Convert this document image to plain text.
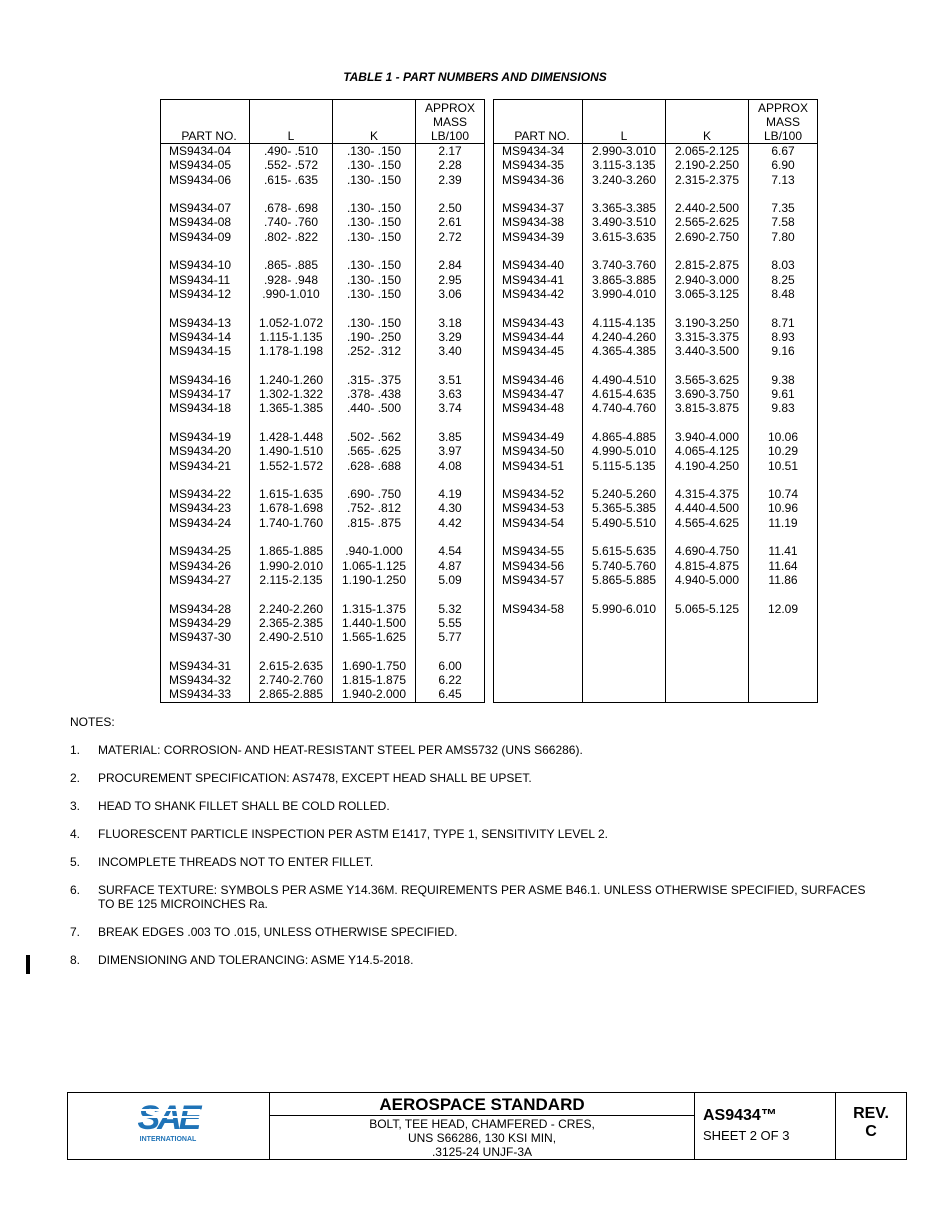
TABLE 1 - PART NUMBERS AND DIMENSIONS
PART NO.	L	K	APPROX
MASS
LB/100

MS9434-04	.490- .510	.130- .150	2.17
MS9434-05	.552- .572	.130- .150	2.28
MS9434-06	.615- .635	.130- .150	2.39

MS9434-07	.678- .698	.130- .150	2.50
MS9434-08	.740- .760	.130- .150	2.61
MS9434-09	.802- .822	.130- .150	2.72

MS9434-10	.865- .885	.130- .150	2.84
MS9434-11	.928- .948	.130- .150	2.95
MS9434-12	.990-1.010	.130- .150	3.06

MS9434-13	1.052-1.072	.130- .150	3.18
MS9434-14	1.115-1.135	.190- .250	3.29
MS9434-15	1.178-1.198	.252- .312	3.40

MS9434-16	1.240-1.260	.315- .375	3.51
MS9434-17	1.302-1.322	.378- .438	3.63
MS9434-18	1.365-1.385	.440- .500	3.74

MS9434-19	1.428-1.448	.502- .562	3.85
MS9434-20	1.490-1.510	.565- .625	3.97
MS9434-21	1.552-1.572	.628- .688	4.08

MS9434-22	1.615-1.635	.690- .750	4.19
MS9434-23	1.678-1.698	.752- .812	4.30
MS9434-24	1.740-1.760	.815- .875	4.42

MS9434-25	1.865-1.885	.940-1.000	4.54
MS9434-26	1.990-2.010	1.065-1.125	4.87
MS9434-27	2.115-2.135	1.190-1.250	5.09

MS9434-28	2.240-2.260	1.315-1.375	5.32
MS9434-29	2.365-2.385	1.440-1.500	5.55
MS9437-30	2.490-2.510	1.565-1.625	5.77

MS9434-31	2.615-2.635	1.690-1.750	6.00
MS9434-32	2.740-2.760	1.815-1.875	6.22
MS9434-33	2.865-2.885	1.940-2.000	6.45
PART NO.	L	K	APPROX
MASS
LB/100

MS9434-34	2.990-3.010	2.065-2.125	6.67
MS9434-35	3.115-3.135	2.190-2.250	6.90
MS9434-36	3.240-3.260	2.315-2.375	7.13

MS9434-37	3.365-3.385	2.440-2.500	7.35
MS9434-38	3.490-3.510	2.565-2.625	7.58
MS9434-39	3.615-3.635	2.690-2.750	7.80

MS9434-40	3.740-3.760	2.815-2.875	8.03
MS9434-41	3.865-3.885	2.940-3.000	8.25
MS9434-42	3.990-4.010	3.065-3.125	8.48

MS9434-43	4.115-4.135	3.190-3.250	8.71
MS9434-44	4.240-4.260	3.315-3.375	8.93
MS9434-45	4.365-4.385	3.440-3.500	9.16

MS9434-46	4.490-4.510	3.565-3.625	9.38
MS9434-47	4.615-4.635	3.690-3.750	9.61
MS9434-48	4.740-4.760	3.815-3.875	9.83

MS9434-49	4.865-4.885	3.940-4.000	10.06
MS9434-50	4.990-5.010	4.065-4.125	10.29
MS9434-51	5.115-5.135	4.190-4.250	10.51

MS9434-52	5.240-5.260	4.315-4.375	10.74
MS9434-53	5.365-5.385	4.440-4.500	10.96
MS9434-54	5.490-5.510	4.565-4.625	11.19

MS9434-55	5.615-5.635	4.690-4.750	11.41
MS9434-56	5.740-5.760	4.815-4.875	11.64
MS9434-57	5.865-5.885	4.940-5.000	11.86

MS9434-58	5.990-6.010	5.065-5.125	12.09

NOTES:
1.	MATERIAL: CORROSION- AND HEAT-RESISTANT STEEL PER AMS5732 (UNS S66286).
2.	PROCUREMENT SPECIFICATION: AS7478, EXCEPT HEAD SHALL BE UPSET.
3.	HEAD TO SHANK FILLET SHALL BE COLD ROLLED.
4.	FLUORESCENT PARTICLE INSPECTION PER ASTM E1417, TYPE 1, SENSITIVITY LEVEL 2.
5.	INCOMPLETE THREADS NOT TO ENTER FILLET.
6.	SURFACE TEXTURE: SYMBOLS PER ASME Y14.36M. REQUIREMENTS PER ASME B46.1. UNLESS OTHERWISE SPECIFIED, SURFACES TO BE 125 MICROINCHES Ra.
7.	BREAK EDGES .003 TO .015, UNLESS OTHERWISE SPECIFIED.
8.	DIMENSIONING AND TOLERANCING: ASME Y14.5-2018.
SAE
INTERNATIONAL
AEROSPACE STANDARD
BOLT, TEE HEAD, CHAMFERED - CRES,
UNS S66286, 130 KSI MIN,
.3125-24 UNJF-3A
AS9434™
SHEET 2 OF 3
REV.
C
